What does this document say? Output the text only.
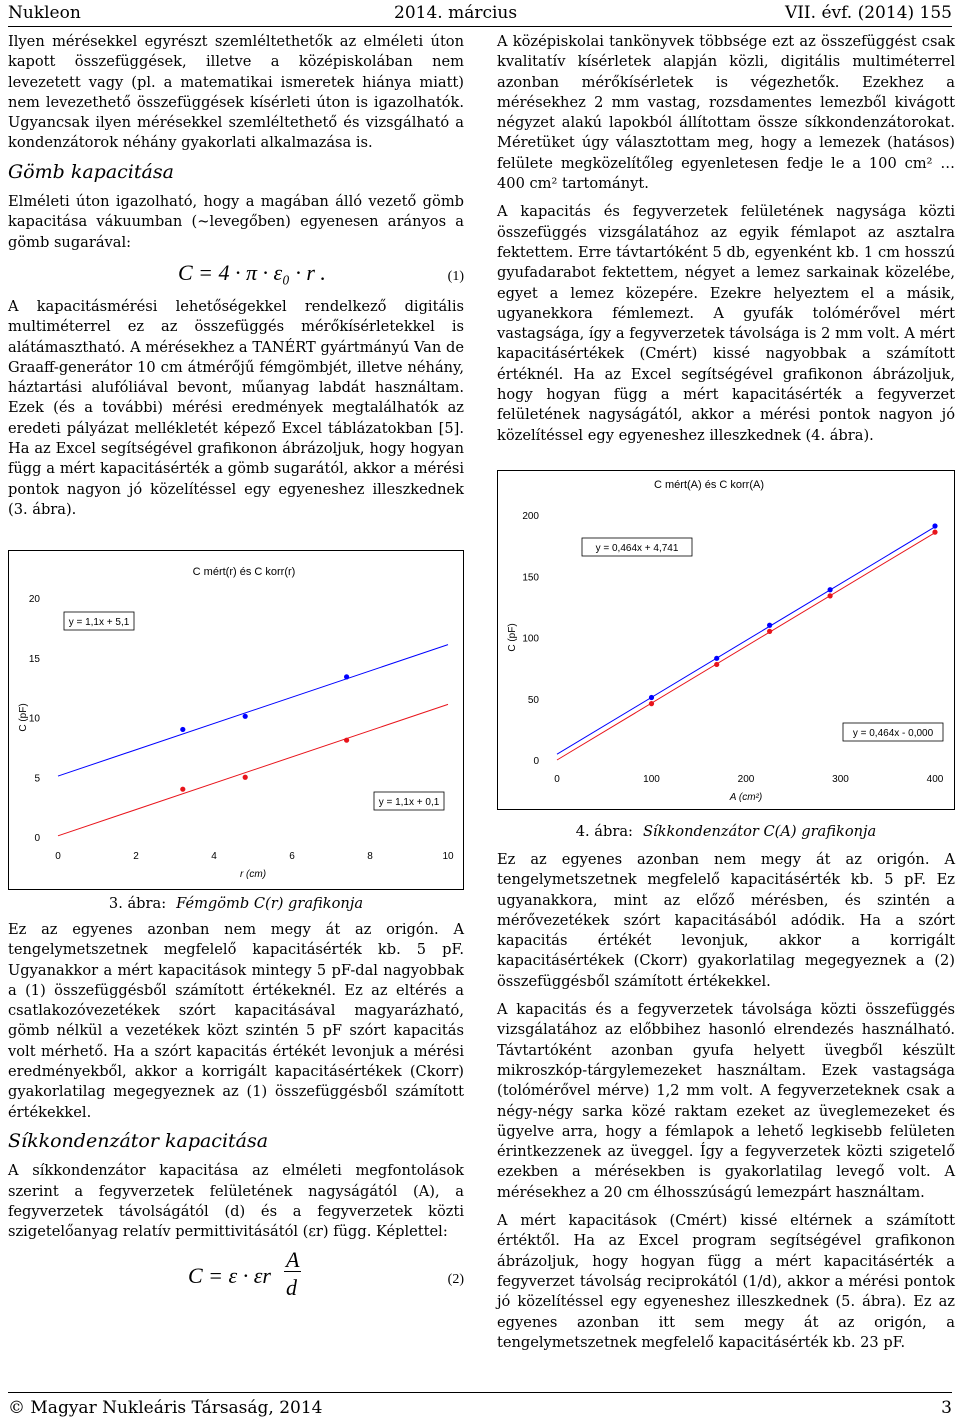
Nukleon	2014. március	VII. évf. (2014) 155

Ilyen mérésekkel egyrészt szemléltethetők az elméleti úton kapott összefüggések, illetve a középiskolában nem levezetett vagy (pl. a matematikai ismeretek hiánya miatt) nem levezethető összefüggések kísérleti úton is igazolhatók. Ugyancsak ilyen mérésekkel szemléltethető és vizsgálható a kondenzátorok néhány gyakorlati alkalmazása is.

Gömb kapacitása

Elméleti úton igazolható, hogy a magában álló vezető gömb kapacitása vákuumban (~levegőben) egyenesen arányos a gömb sugarával:

C = 4 · π · ε₀ · r .	(1)

A kapacitásmérési lehetőségekkel rendelkező digitális multiméterrel ez az összefüggés mérőkísérletekkel is alátámasztható. A mérésekhez a TANÉRT gyártmányú Van de Graaff-generátor 10 cm átmérőjű fémgömbjét, illetve néhány, háztartási alufóliával bevont, műanyag labdát használtam. Ezek (és a további) mérési eredmények megtalálhatók az eredeti pályázat mellékletét képező Excel táblázatokban [5]. Ha az Excel segítségével grafikonon ábrázoljuk, hogy hogyan függ a mért kapacitásérték a gömb sugarától, akkor a mérési pontok nagyon jó közelítéssel egy egyeneshez illeszkednek (3. ábra).

C mért(r) és C korr(r)
0
5
10
15
20
0	2	4	6	8	10
r (cm)
C (pF)
y = 1,1x + 5,1
y = 1,1x + 0,1
3. ábra: Fémgömb C(r) grafikonja

Ez az egyenes azonban nem megy át az origón. A tengelymetszetnek megfelelő kapacitásérték kb. 5 pF. Ugyanakkor a mért kapacitások mintegy 5 pF-dal nagyobbak a (1) összefüggésből számított értékeknél. Ez az eltérés a csatlakozóvezetékek szórt kapacitásával magyarázható, gömb nélkül a vezetékek közt szintén 5 pF szórt kapacitás volt mérhető. Ha a szórt kapacitás értékét levonjuk a mérési eredményekből, akkor a korrigált kapacitásértékek (Ckorr) gyakorlatilag megegyeznek az (1) összefüggésből számított értékekkel.

Síkkondenzátor kapacitása

A síkkondenzátor kapacitása az elméleti megfontolások szerint a fegyverzetek felületének nagyságától (A), a fegyverzetek távolságától (d) és a fegyverzetek közti szigetelőanyag relatív permittivitásától (εr) függ. Képlettel:

C = ε · εr
A
d	(2)

A középiskolai tankönyvek többsége ezt az összefüggést csak kvalitatív kísérletek alapján közli, digitális multiméterrel azonban mérőkísérletek is végezhetők. Ezekhez a mérésekhez 2 mm vastag, rozsdamentes lemezből kivágott négyzet alakú lapokból állítottam össze síkkondenzátorokat. Méretüket úgy választottam meg, hogy a lemezek (hatásos) felülete megközelítőleg egyenletesen fedje le a 100 cm² … 400 cm² tartományt.

A kapacitás és fegyverzetek felületének nagysága közti összefüggés vizsgálatához az egyik fémlapot az asztalra fektettem. Erre távtartóként 5 db, egyenként kb. 1 cm hosszú gyufadarabot fektettem, négyet a lemez sarkainak közelébe, egyet a lemez közepére. Ezekre helyeztem el a másik, ugyanekkora fémlemezt. A gyufák tolómérővel mért vastagsága, így a fegyverzetek távolsága is 2 mm volt. A mért kapacitásértékek (Cmért) kissé nagyobbak a számított értéknél. Ha az Excel segítségével grafikonon ábrázoljuk, hogy hogyan függ a mért kapacitásérték a fegyverzet felületének nagyságától, akkor a mérési pontok nagyon jó közelítéssel egy egyeneshez illeszkednek (4. ábra).

C mért(A) és C korr(A)
0
50
100
150
200
0	100	200	300	400
A (cm²)
C (pF)
y = 0,464x + 4,741
y = 0,464x - 0,000
4. ábra: Síkkondenzátor C(A) grafikonja

Ez az egyenes azonban nem megy át az origón. A tengelymetszetnek megfelelő kapacitásérték kb. 5 pF. Ez ugyanakkora, mint az előző mérésben, és szintén a mérővezetékek szórt kapacitásából adódik. Ha a szórt kapacitás értékét levonjuk, akkor a korrigált kapacitásértékek (Ckorr) gyakorlatilag megegyeznek a (2) összefüggésből számított értékekkel.

A kapacitás és a fegyverzetek távolsága közti összefüggés vizsgálatához az előbbihez hasonló elrendezés használható. Távtartóként azonban gyufa helyett üvegből készült mikroszkóp-tárgylemezeket használtam. Ezek vastagsága (tolómérővel mérve) 1,2 mm volt. A fegyverzeteknek csak a négy-négy sarka közé raktam ezeket az üveglemezeket és ügyelve arra, hogy a fémlapok a lehető legkisebb felületen érintkezzenek az üveggel. Így a fegyverzetek közti szigetelő ezekben a mérésekben is gyakorlatilag levegő volt. A mérésekhez a 20 cm élhosszúságú lemezpárt használtam.

A mért kapacitások (Cmért) kissé eltérnek a számított értéktől. Ha az Excel program segítségével grafikonon ábrázoljuk, hogy hogyan függ a mért kapacitásérték a fegyverzet távolság reciprokától (1/d), akkor a mérési pontok jó közelítéssel egy egyeneshez illeszkednek (5. ábra). Ez az egyenes azonban itt sem megy át az origón, a tengelymetszetnek megfelelő kapacitásérték kb. 23 pF.

© Magyar Nukleáris Társaság, 2014	3
